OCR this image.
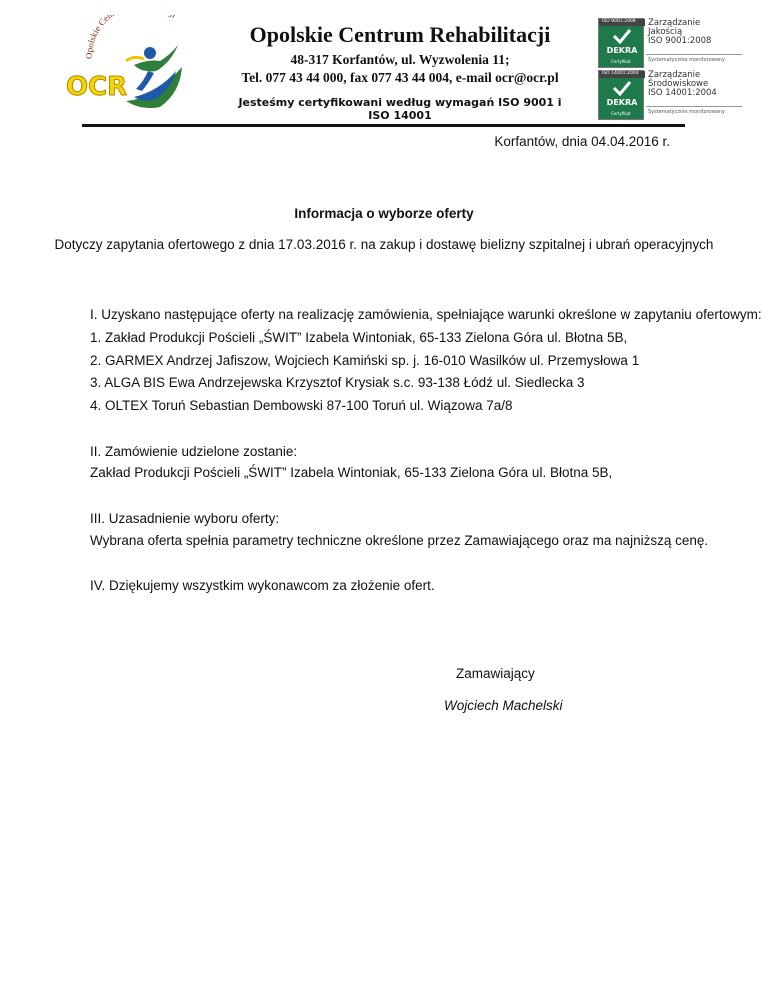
Opolskie Cen i
OCR
Opolskie Centrum Rehabilitacji
48-317 Korfantów, ul. Wyzwolenia 11;
Tel. 077 43 44 000, fax 077 43 44 004, e-mail ocr@ocr.pl
Jesteśmy certyfikowani według wymagań ISO 9001 i ISO 14001
ISO 9001:2008
DEKRA
Certyfikat
Zarządzanie
Jakością
ISO 9001:2008
Systematycznie monitorowany
ISO 14001:2004
DEKRA
Certyfikat
Zarządzanie
Środowiskowe
ISO 14001:2004
Systematycznie monitorowany
Korfantów, dnia 04.04.2016 r.
Informacja o wyborze oferty
Dotyczy zapytania ofertowego z dnia 17.03.2016 r. na zakup i dostawę bielizny szpitalnej i ubrań operacyjnych
I. Uzyskano następujące oferty na realizację zamówienia, spełniające warunki określone w zapytaniu ofertowym:
1. Zakład Produkcji Pościeli „ŚWIT” Izabela Wintoniak, 65-133 Zielona Góra ul. Błotna 5B,
2. GARMEX Andrzej Jafiszow, Wojciech Kamiński sp. j. 16-010 Wasilków ul. Przemysłowa 1
3. ALGA BIS Ewa Andrzejewska Krzysztof Krysiak s.c. 93-138 Łódź ul. Siedlecka 3
4. OLTEX Toruń Sebastian Dembowski 87-100 Toruń ul. Wiązowa 7a/8
II. Zamówienie udzielone zostanie:
Zakład Produkcji Pościeli „ŚWIT” Izabela Wintoniak, 65-133 Zielona Góra ul. Błotna 5B,
III. Uzasadnienie wyboru oferty:
Wybrana oferta spełnia parametry techniczne określone przez Zamawiającego oraz ma najniższą cenę.
IV. Dziękujemy wszystkim wykonawcom za złożenie ofert.
Zamawiający
Wojciech Machelski
